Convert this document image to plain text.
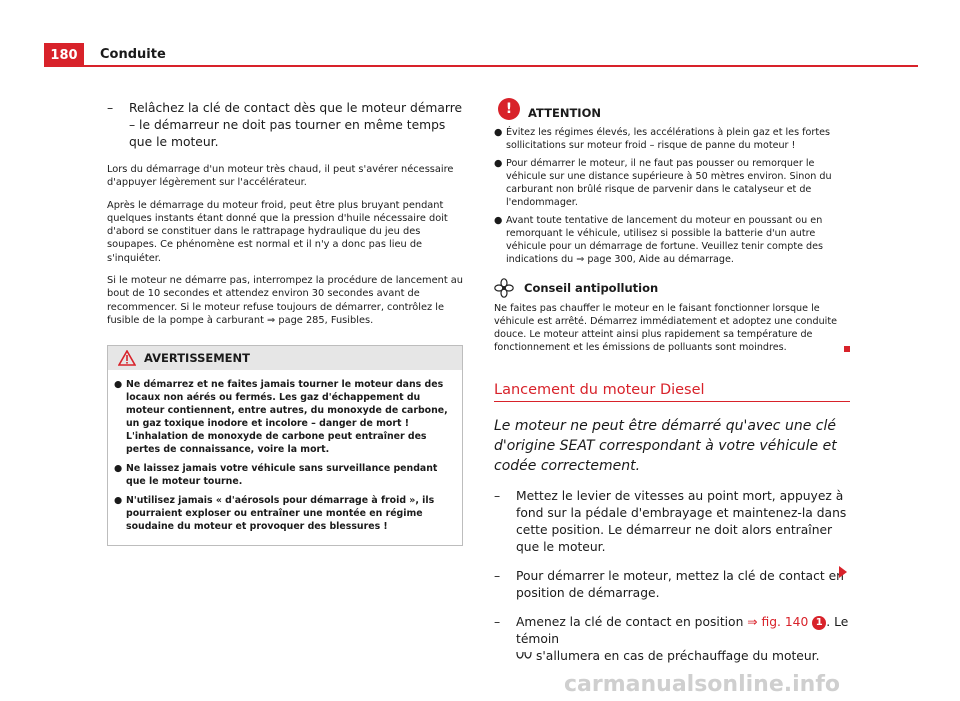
180	Conduite
–	Relâchez la clé de contact dès que le moteur démarre – le démarreur ne doit pas tourner en même temps que le moteur.

Lors du démarrage d'un moteur très chaud, il peut s'avérer nécessaire d'appuyer légèrement sur l'accélérateur.

Après le démarrage du moteur froid, peut être plus bruyant pendant quelques instants étant donné que la pression d'huile nécessaire doit d'abord se constituer dans le rattrapage hydraulique du jeu des soupapes. Ce phénomène est normal et il n'y a donc pas lieu de s'inquiéter.

Si le moteur ne démarre pas, interrompez la procédure de lancement au bout de 10 secondes et attendez environ 30 secondes avant de recommencer. Si le moteur refuse toujours de démarrer, contrôlez le fusible de la pompe à carburant ⇒ page 285, Fusibles.

AVERTISSEMENT
● Ne démarrez et ne faites jamais tourner le moteur dans des locaux non aérés ou fermés. Les gaz d'échappement du moteur contiennent, entre autres, du monoxyde de carbone, un gaz toxique inodore et incolore – danger de mort ! L'inhalation de monoxyde de carbone peut entraîner des pertes de connaissance, voire la mort.
● Ne laissez jamais votre véhicule sans surveillance pendant que le moteur tourne.
● N'utilisez jamais « d'aérosols pour démarrage à froid », ils pourraient exploser ou entraîner une montée en régime soudaine du moteur et provoquer des blessures !
!	ATTENTION
● Évitez les régimes élevés, les accélérations à plein gaz et les fortes sollicitations sur moteur froid – risque de panne du moteur !
● Pour démarrer le moteur, il ne faut pas pousser ou remorquer le véhicule sur une distance supérieure à 50 mètres environ. Sinon du carburant non brûlé risque de parvenir dans le catalyseur et de l'endommager.
● Avant toute tentative de lancement du moteur en poussant ou en remorquant le véhicule, utilisez si possible la batterie d'un autre véhicule pour un démarrage de fortune. Veuillez tenir compte des indications du ⇒ page 300, Aide au démarrage.
Conseil antipollution
Ne faites pas chauffer le moteur en le faisant fonctionner lorsque le véhicule est arrêté. Démarrez immédiatement et adoptez une conduite douce. Le moteur atteint ainsi plus rapidement sa température de fonctionnement et les émissions de polluants sont moindres.
Lancement du moteur Diesel
Le moteur ne peut être démarré qu'avec une clé d'origine SEAT correspondant à votre véhicule et codée correctement.
–	Mettez le levier de vitesses au point mort, appuyez à fond sur la pédale d'embrayage et maintenez-la dans cette position. Le démarreur ne doit alors entraîner que le moteur.
–	Pour démarrer le moteur, mettez la clé de contact en position de démarrage.
–	Amenez la clé de contact en position ⇒ fig. 140 1 . Le témoin
s'allumera en cas de préchauffage du moteur.
carmanualsonline.info
